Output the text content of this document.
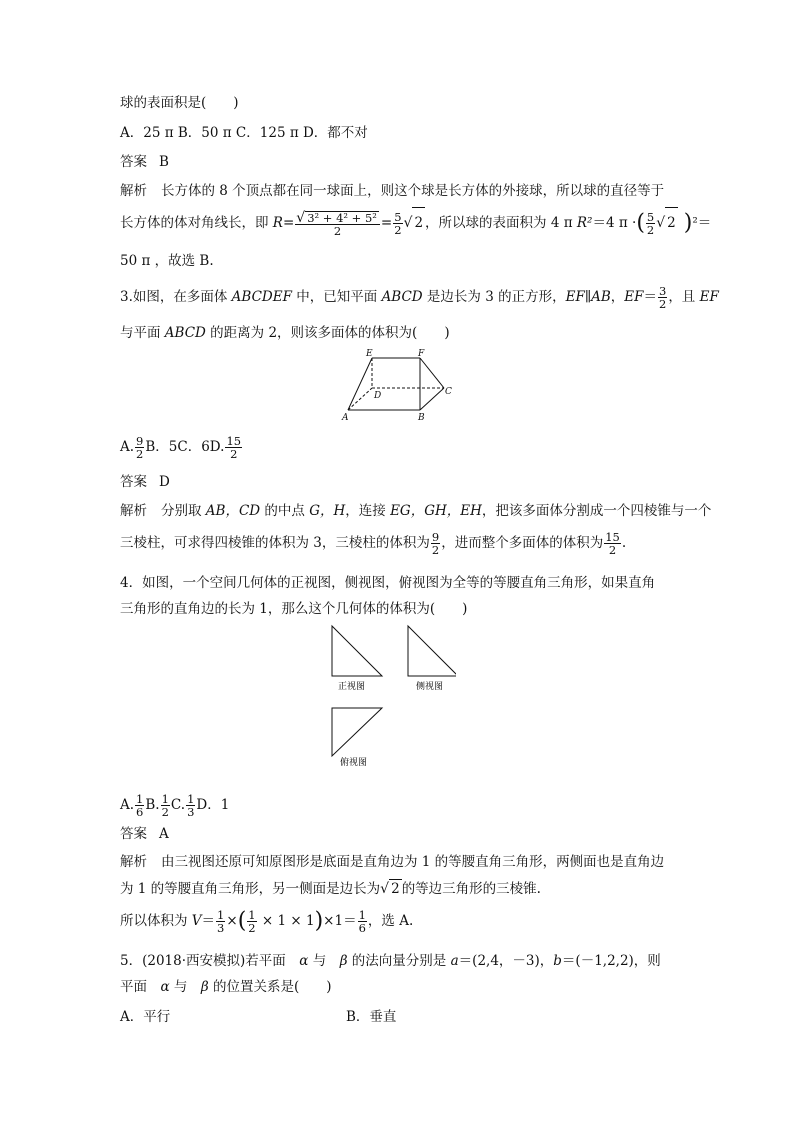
球的表面积是(　　)
A．25 π B．50 π C．125 π D．都不对
答案 B
解析 长方体的 8 个顶点都在同一球面上，则这个球是长方体的外接球，所以球的直径等于
长方体的体对角线长，即 $R= \frac{\text{√ 3² + 4² + 5²}}{2} = \frac{5}{2}$ √ 2 ，所以球的表面积为 4 π R²＝4 π ·( $\frac{5}{2}$ √ 2 )²＝
50 π ，故选 B.
3.如图，在多面体 ABCDEF 中，已知平面 ABCD 是边长为 3 的正方形，EF∥AB，$EF= \frac{3}{2}$ ，且 EF
与平面 ABCD 的距离为 2，则该多面体的体积为(　　)
E	F
D	C
A	B
A. $\frac{9}{2}$ B．5C．6D. $\frac{15}{2}$
答案 D
解析 分别取 AB，CD 的中点 G，H，连接 EG，GH，EH，把该多面体分割成一个四棱锥与一个
三棱柱，可求得四棱锥的体积为 3，三棱柱的体积为 $\frac{9}{2}$ ，进而整个多面体的体积为 $\frac{15}{2}$ .
4．如图，一个空间几何体的正视图，侧视图，俯视图为全等的等腰直角三角形，如果直角
三角形的直角边的长为 1，那么这个几何体的体积为(　　)
正视图	侧视图
俯视图
A. $\frac{1}{6} B$. $\frac{1}{2} C$. $\frac{1}{3}$ D．1
答案 A
解析 由三视图还原可知原图形是底面是直角边为 1 的等腰直角三角形，两侧面也是直角边
为 1 的等腰直角三角形，另一侧面是边长为√ 2 的等边三角形的三棱锥.
所以体积为 $V= \frac{1}{3}$ ×( $\frac{1}{2} \times 1 \times 1)\times 1= \frac{1}{6}$ ，选 A.
5．(2018·西安模拟)若平面　α 与　β 的法向量分别是 a＝(2,4，－3)，b＝(－1,2,2)，则
平面　α 与　β 的位置关系是(　　)
A．平行	B．垂直
